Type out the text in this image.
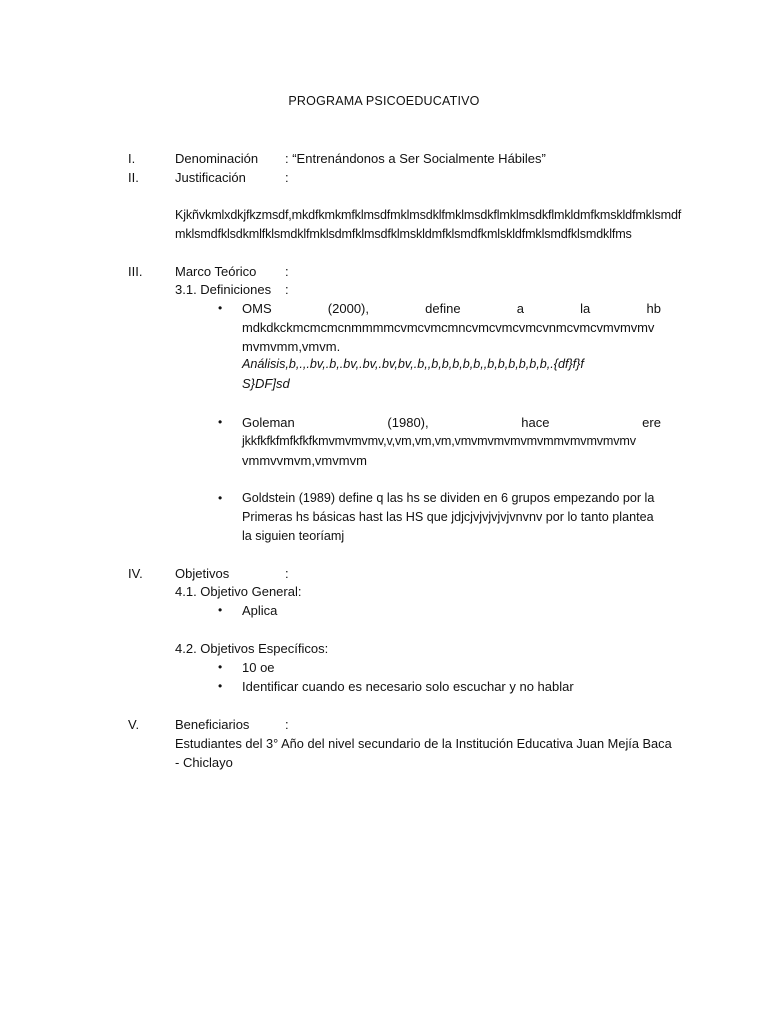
PROGRAMA PSICOEDUCATIVO
I.	Denominación : “Entrenándonos a Ser Socialmente Hábiles”
II.	Justificación	:
Kjkñvkmlxdkjfkzmsdf,mkdfkmkmfklmsdfmklmsdklfmklmsdkflmklmsdkflmkldmfkmskldfmklsmdf
mklsmdfklsdkmlfklsmdklfmklsdmfklmsdfklmskldmfklsmdfkmlskldfmklsmdfklsmdklfms
III.	Marco Teórico :
3.1. Definiciones :
• OMS	(2000),	define	a	la	hb
mdkdkckmcmcmcnmmmmcvmcvmcmncvmcvmcvmcvnmcvmcvmvmvmv
mvmvmm,vmvm.
Análisis,b,.,.bv,.b,.bv,.bv,.bv,bv,.b,,b,b,b,b,b,,b,b,b,b,b,b,.{df}f}f
S}DF]sd
• Goleman	(1980),	hace	ere
jkkfkfkfmfkfkfkmvmvmvmv,v,vm,vm,vm,vmvmvmvmvmvmmvmvmvmvmv
vmmvvmvm,vmvmvm
• Goldstein (1989) define q las hs se dividen en 6 grupos empezando por la Primeras hs básicas hast las HS que jdjcjvjvjvjvjvnvnv por lo tanto plantea la siguien teoríamj
IV. Objetivos	:
4.1. Objetivo General:
• Aplica
4.2. Objetivos Específicos:
• 10 oe
• Identificar cuando es necesario solo escuchar y no hablar
V.	Beneficiarios	:
Estudiantes del 3° Año del nivel secundario de la Institución Educativa Juan Mejía Baca
- Chiclayo
